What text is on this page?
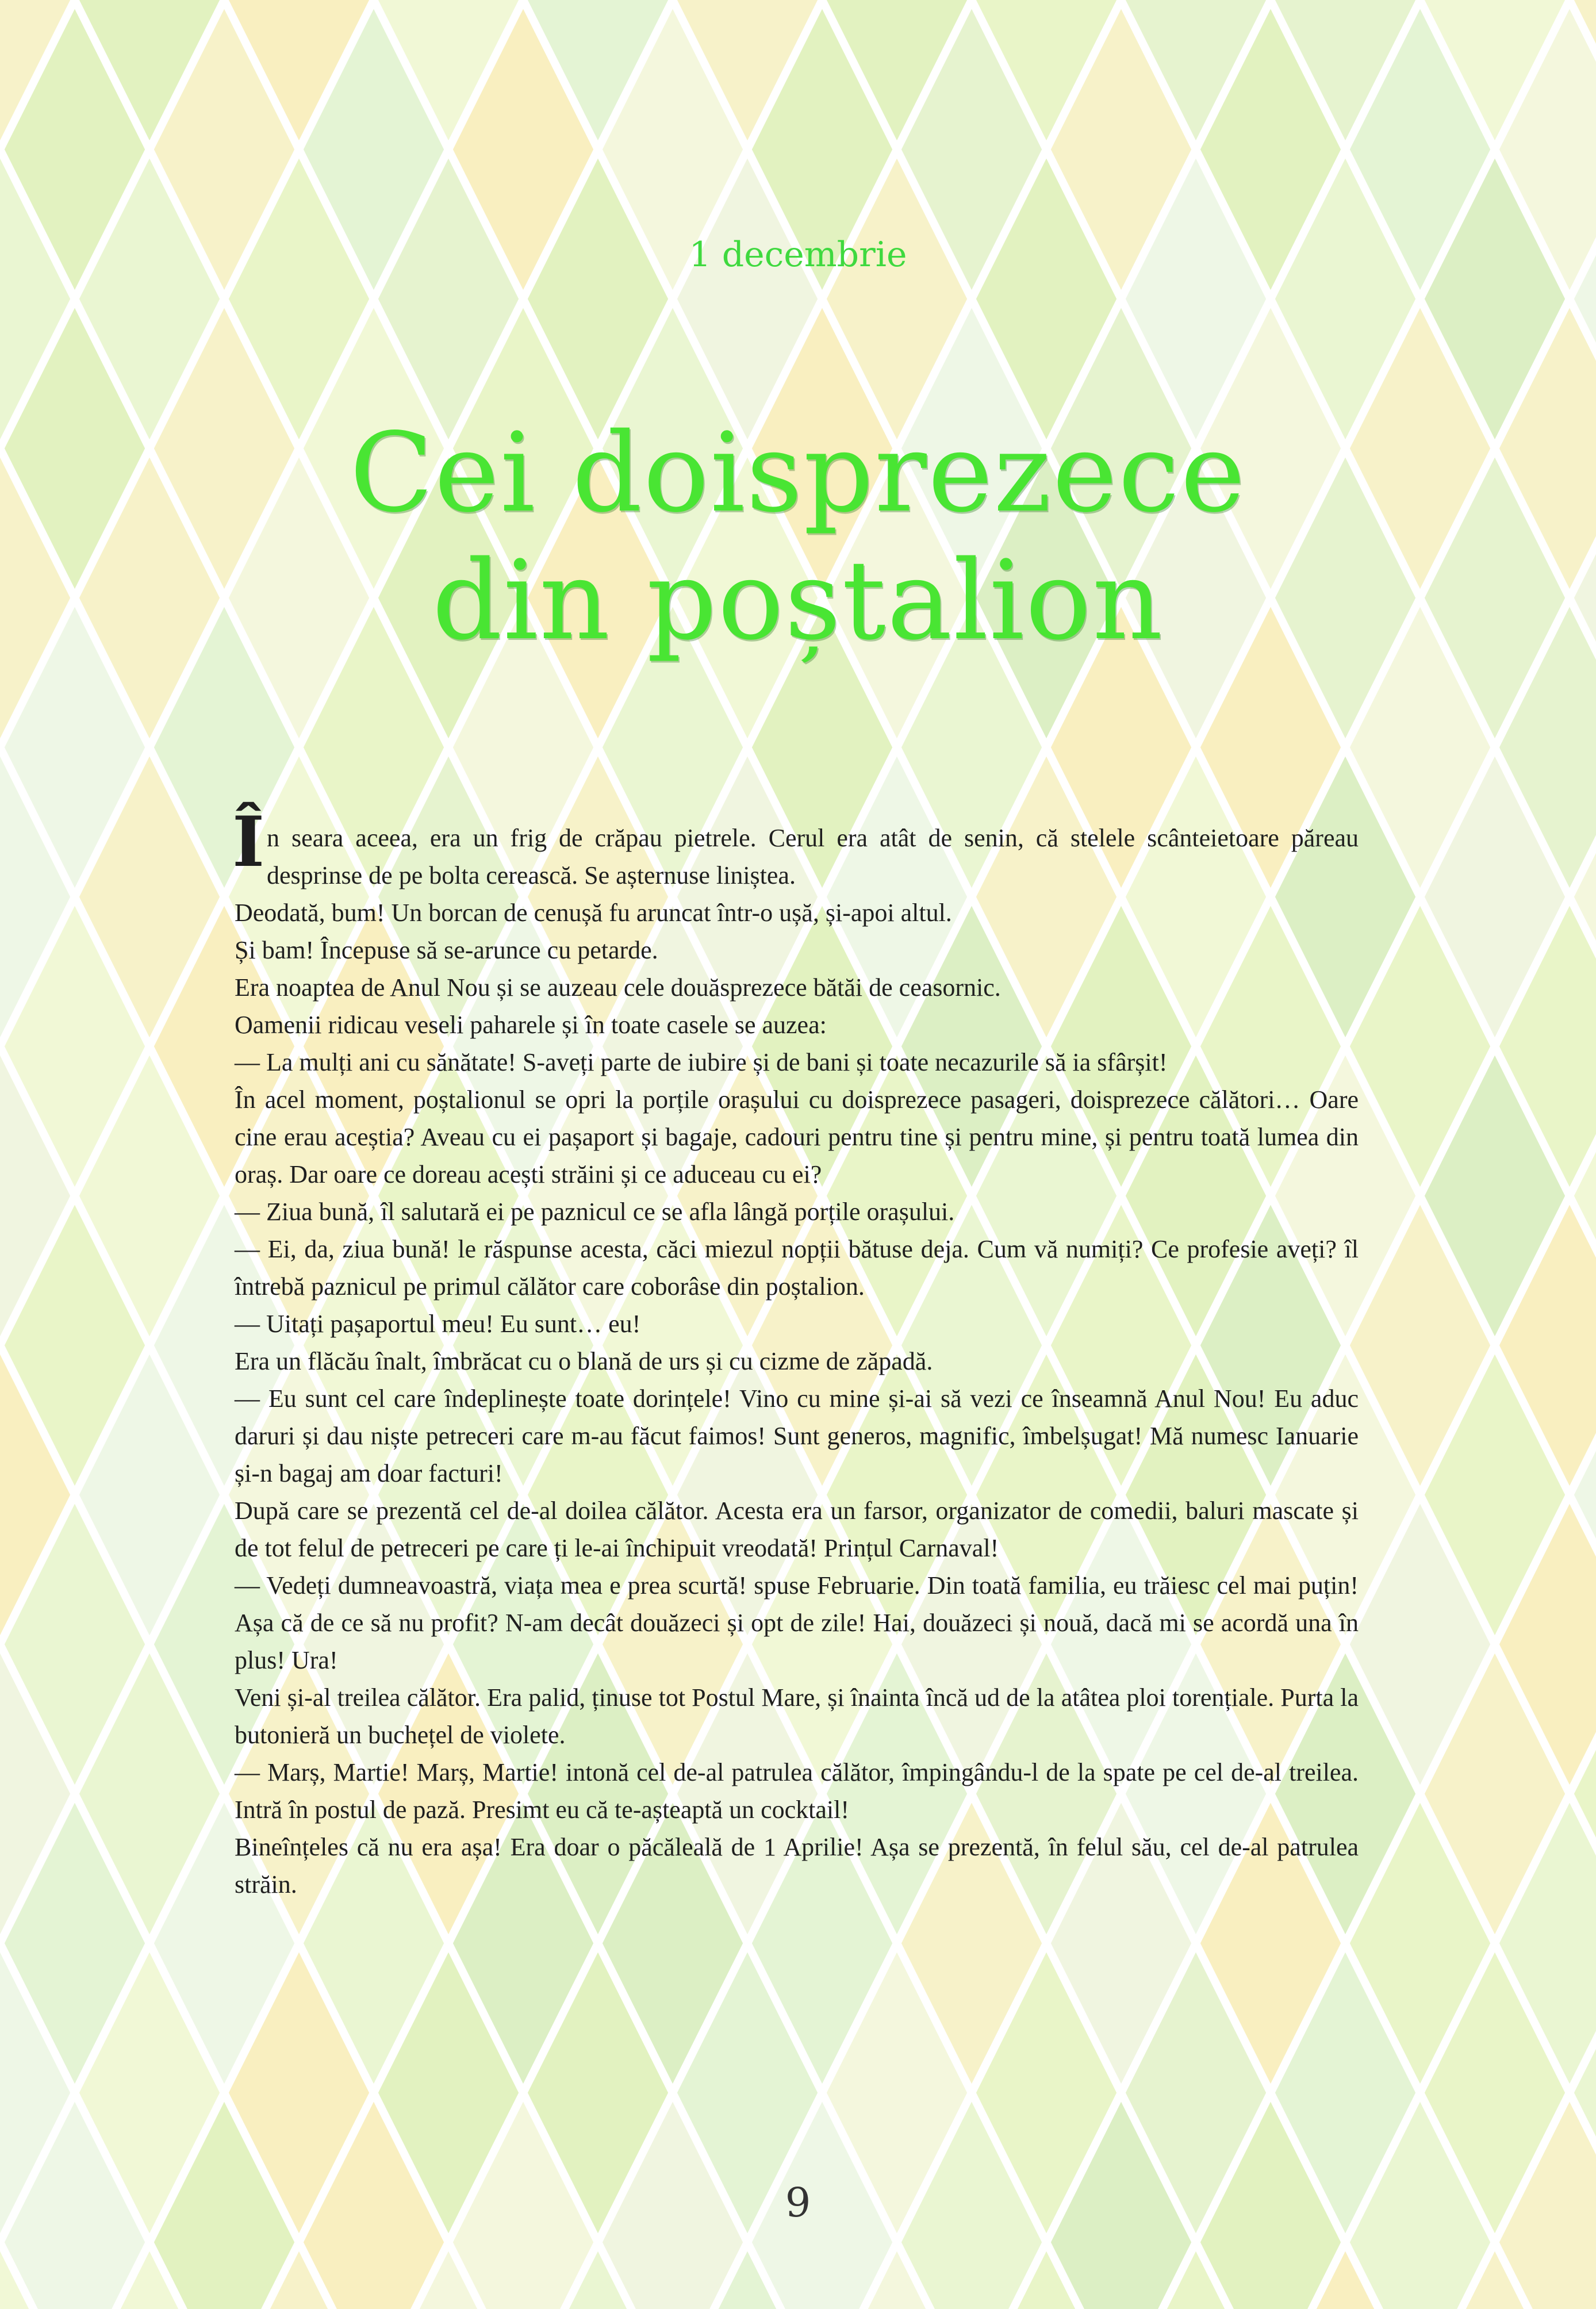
1 decembrie
Cei doisprezece
din poștalion

Î n seara aceea, era un frig de crăpau pietrele. Cerul era atât de senin, că stelele scânteietoare păreau desprinse de pe bolta cerească. Se așternuse liniștea.

Deodată, bum! Un borcan de cenușă fu aruncat într-o ușă, și-apoi altul.

Și bam! Începuse să se-arunce cu petarde.

Era noaptea de Anul Nou și se auzeau cele douăsprezece bătăi de ceasornic.

Oamenii ridicau veseli paharele și în toate casele se auzea:

— La mulți ani cu sănătate! S-aveți parte de iubire și de bani și toate necazurile să ia sfârșit!

În acel moment, poștalionul se opri la porțile orașului cu doisprezece pasageri, doisprezece călători… Oare cine erau aceștia? Aveau cu ei pașaport și bagaje, cadouri pentru tine și pentru mine, și pentru toată lumea din oraș. Dar oare ce doreau acești străini și ce aduceau cu ei?

— Ziua bună, îl salutară ei pe paznicul ce se afla lângă porțile orașului.

— Ei, da, ziua bună! le răspunse acesta, căci miezul nopții bătuse deja. Cum vă numiți? Ce profesie aveți? îl întrebă paznicul pe primul călător care coborâse din poștalion.

— Uitați pașaportul meu! Eu sunt… eu!

Era un flăcău înalt, îmbrăcat cu o blană de urs și cu cizme de zăpadă.

— Eu sunt cel care îndeplinește toate dorințele! Vino cu mine și-ai să vezi ce înseamnă Anul Nou! Eu aduc daruri și dau niște petreceri care m-au făcut faimos! Sunt generos, magnific, îmbelșugat! Mă numesc Ianuarie și-n bagaj am doar facturi!

După care se prezentă cel de-al doilea călător. Acesta era un farsor, organizator de comedii, baluri mascate și de tot felul de petreceri pe care ți le-ai închipuit vreodată! Prințul Carnaval!

— Vedeți dumneavoastră, viața mea e prea scurtă! spuse Februarie. Din toată familia, eu trăiesc cel mai puțin! Așa că de ce să nu profit? N-am decât douăzeci și opt de zile! Hai, douăzeci și nouă, dacă mi se acordă una în plus! Ura!

Veni și-al treilea călător. Era palid, ținuse tot Postul Mare, și înainta încă ud de la atâtea ploi torențiale. Purta la butonieră un buchețel de violete.

— Marș, Martie! Marș, Martie! intonă cel de-al patrulea călător, împingându-l de la spate pe cel de-al treilea. Intră în postul de pază. Presimt eu că te-așteaptă un cocktail!

Bineînțeles că nu era așa! Era doar o păcăleală de 1 Aprilie! Așa se prezentă, în felul său, cel de-al patrulea străin.

9
